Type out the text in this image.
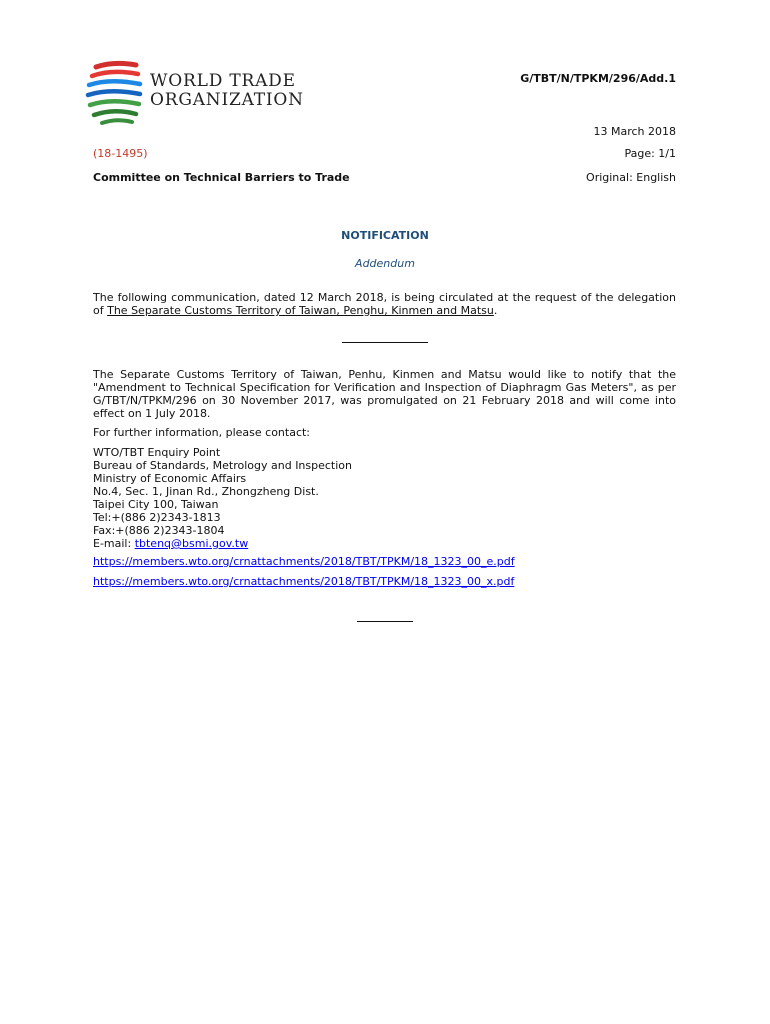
WORLD TRADE
ORGANIZATION
G/TBT/N/TPKM/296/Add.1
13 March 2018
(18-1495)	Page: 1/1
Committee on Technical Barriers to Trade	Original: English
NOTIFICATION
Addendum
The following communication, dated 12 March 2018, is being circulated at the request of the delegation of The Separate Customs Territory of Taiwan, Penghu, Kinmen and Matsu.
The Separate Customs Territory of Taiwan, Penhu, Kinmen and Matsu would like to notify that the "Amendment to Technical Specification for Verification and Inspection of Diaphragm Gas Meters", as per G/TBT/N/TPKM/296 on 30 November 2017, was promulgated on 21 February 2018 and will come into effect on 1 July 2018.
For further information, please contact:
WTO/TBT Enquiry Point
Bureau of Standards, Metrology and Inspection
Ministry of Economic Affairs
No.4, Sec. 1, Jinan Rd., Zhongzheng Dist.
Taipei City 100, Taiwan
Tel:+(886 2)2343-1813
Fax:+(886 2)2343-1804
E-mail: tbtenq@bsmi.gov.tw
https://members.wto.org/crnattachments/2018/TBT/TPKM/18_1323_00_e.pdf
https://members.wto.org/crnattachments/2018/TBT/TPKM/18_1323_00_x.pdf
